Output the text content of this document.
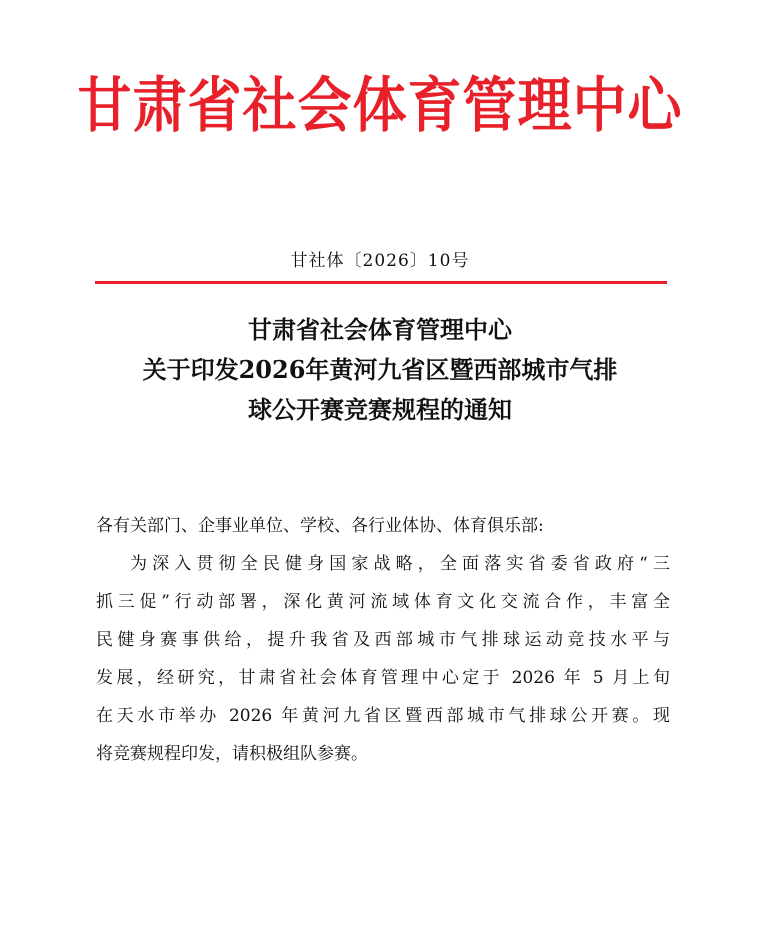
甘肃省社会体育管理中心
甘社体〔2026〕10号
甘肃省社会体育管理中心
关于印发2026年黄河九省区暨西部城市气排
球公开赛竞赛规程的通知
各有关部门、企事业单位、学校、各行业体协、体育俱乐部:
为深入贯彻全民健身国家战略，全面落实省委省政府“三
抓三促”行动部署，深化黄河流域体育文化交流合作，丰富全
民健身赛事供给，提升我省及西部城市气排球运动竞技水平与
发展，经研究，甘肃省社会体育管理中心定于 2026 年 5 月上旬
在天水市举办 2026 年黄河九省区暨西部城市气排球公开赛。现
将竞赛规程印发，请积极组队参赛。
